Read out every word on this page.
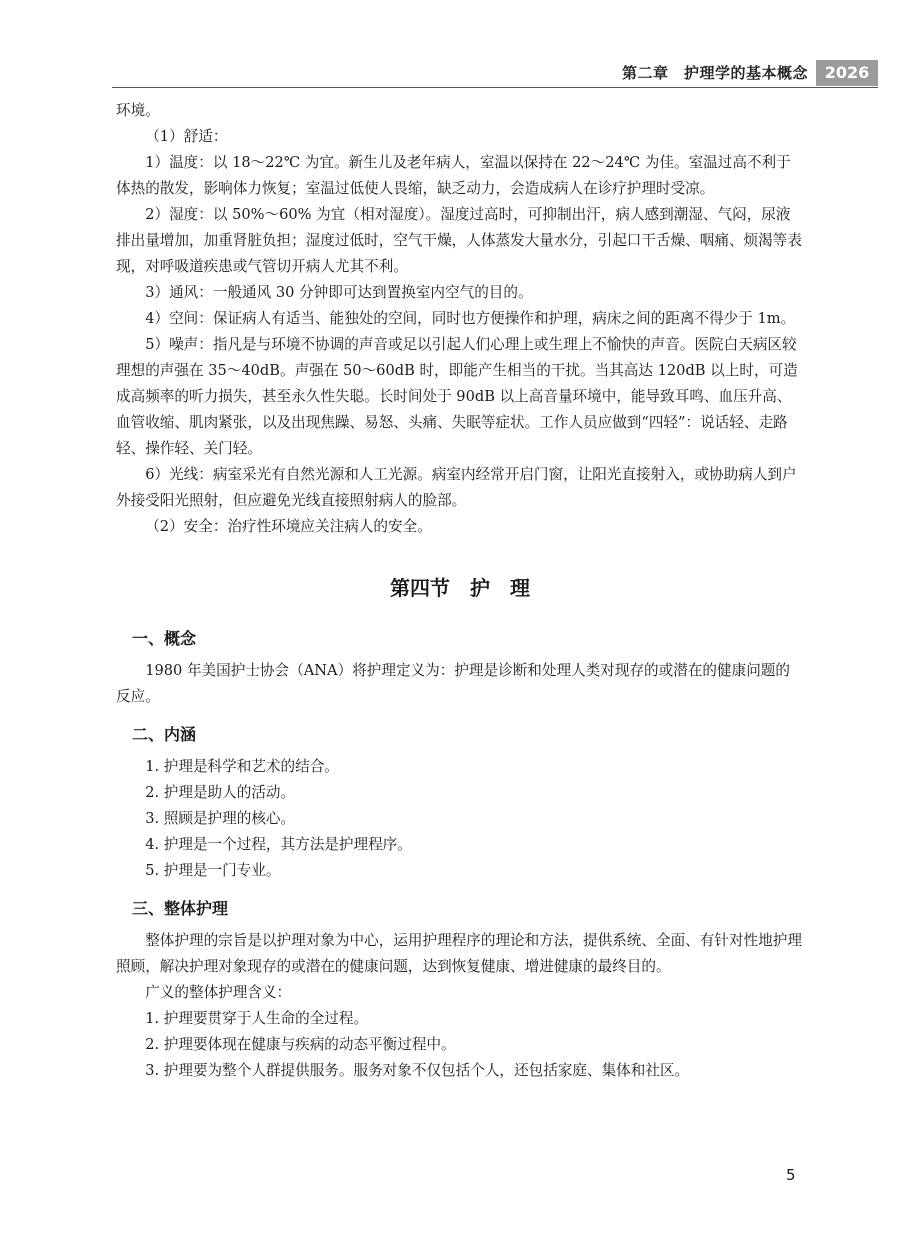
第二章　护理学的基本概念	2026

环境。

（1）舒适：

1）温度：以 18～22℃ 为宜。新生儿及老年病人，室温以保持在 22～24℃ 为佳。室温过高不利于体热的散发，影响体力恢复；室温过低使人畏缩，缺乏动力，会造成病人在诊疗护理时受凉。

2）湿度：以 50%～60% 为宜（相对湿度）。湿度过高时，可抑制出汗，病人感到潮湿、气闷，尿液排出量增加，加重肾脏负担；湿度过低时，空气干燥，人体蒸发大量水分，引起口干舌燥、咽痛、烦渴等表现，对呼吸道疾患或气管切开病人尤其不利。

3）通风：一般通风 30 分钟即可达到置换室内空气的目的。

4）空间：保证病人有适当、能独处的空间，同时也方便操作和护理，病床之间的距离不得少于 1m。

5）噪声：指凡是与环境不协调的声音或足以引起人们心理上或生理上不愉快的声音。医院白天病区较理想的声强在 35～40dB。声强在 50～60dB 时，即能产生相当的干扰。当其高达 120dB 以上时，可造成高频率的听力损失，甚至永久性失聪。长时间处于 90dB 以上高音量环境中，能导致耳鸣、血压升高、血管收缩、肌肉紧张，以及出现焦躁、易怒、头痛、失眠等症状。工作人员应做到“四轻”：说话轻、走路轻、操作轻、关门轻。

6）光线：病室采光有自然光源和人工光源。病室内经常开启门窗，让阳光直接射入，或协助病人到户外接受阳光照射，但应避免光线直接照射病人的脸部。

（2）安全：治疗性环境应关注病人的安全。

第四节　护　理
一、概念

1980 年美国护士协会（ANA）将护理定义为：护理是诊断和处理人类对现存的或潜在的健康问题的反应。

二、内涵

1. 护理是科学和艺术的结合。

2. 护理是助人的活动。

3. 照顾是护理的核心。

4. 护理是一个过程，其方法是护理程序。

5. 护理是一门专业。

三、整体护理

整体护理的宗旨是以护理对象为中心，运用护理程序的理论和方法，提供系统、全面、有针对性地护理照顾，解决护理对象现存的或潜在的健康问题，达到恢复健康、增进健康的最终目的。

广义的整体护理含义：

1. 护理要贯穿于人生命的全过程。

2. 护理要体现在健康与疾病的动态平衡过程中。

3. 护理要为整个人群提供服务。服务对象不仅包括个人，还包括家庭、集体和社区。

5
